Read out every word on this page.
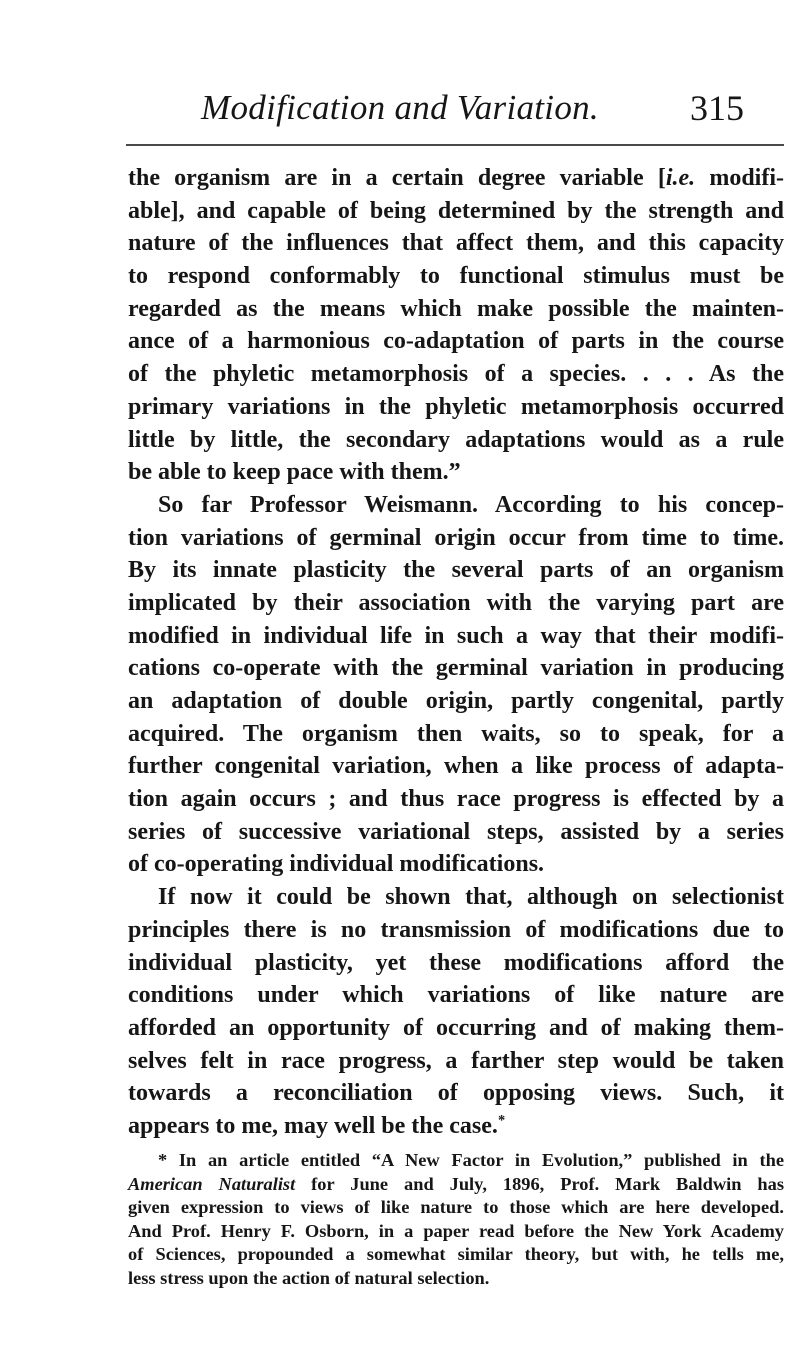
Modification and Variation.	315
the organism are in a certain degree variable [i.e. modifi-
able], and capable of being determined by the strength and
nature of the influences that affect them, and this capacity
to respond conformably to functional stimulus must be
regarded as the means which make possible the mainten-
ance of a harmonious co-adaptation of parts in the course
of the phyletic metamorphosis of a species. . . . As the
primary variations in the phyletic metamorphosis occurred
little by little, the secondary adaptations would as a rule
be able to keep pace with them.”
So far Professor Weismann. According to his concep-
tion variations of germinal origin occur from time to time.
By its innate plasticity the several parts of an organism
implicated by their association with the varying part are
modified in individual life in such a way that their modifi-
cations co-operate with the germinal variation in producing
an adaptation of double origin, partly congenital, partly
acquired. The organism then waits, so to speak, for a
further congenital variation, when a like process of adapta-
tion again occurs ; and thus race progress is effected by a
series of successive variational steps, assisted by a series
of co-operating individual modifications.
If now it could be shown that, although on selectionist
principles there is no transmission of modifications due to
individual plasticity, yet these modifications afford the
conditions under which variations of like nature are
afforded an opportunity of occurring and of making them-
selves felt in race progress, a farther step would be taken
towards a reconciliation of opposing views. Such, it
appears to me, may well be the case.*
* In an article entitled “A New Factor in Evolution,” published in the
American Naturalist for June and July, 1896, Prof. Mark Baldwin has
given expression to views of like nature to those which are here developed.
And Prof. Henry F. Osborn, in a paper read before the New York Academy
of Sciences, propounded a somewhat similar theory, but with, he tells me,
less stress upon the action of natural selection.
